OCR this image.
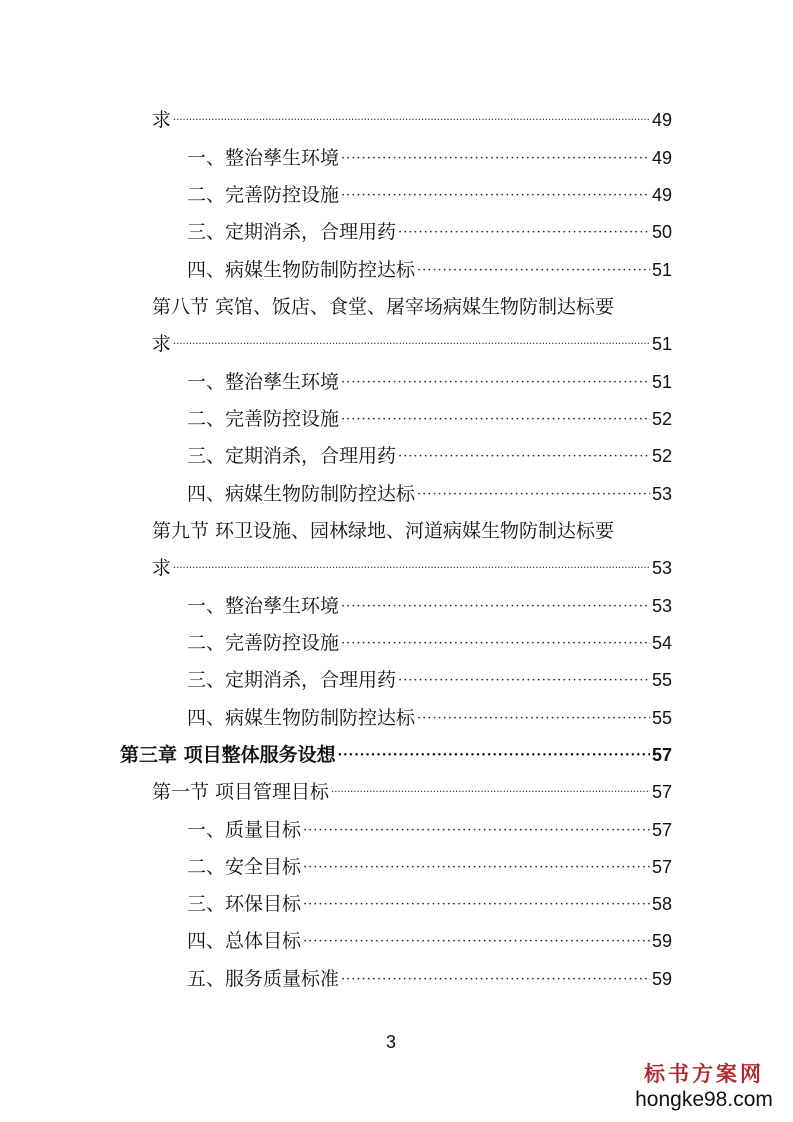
求 ·····	49
一、整治孳生环境 ·····	49
二、完善防控设施 ·····	49
三、定期消杀，合理用药 ·····	50
四、病媒生物防制防控达标 ·····	51
第八节 宾馆、饭店、食堂、屠宰场病媒生物防制达标要
求 ·····	51
一、整治孳生环境 ·····	51
二、完善防控设施 ·····	52
三、定期消杀，合理用药 ·····	52
四、病媒生物防制防控达标 ·····	53
第九节 环卫设施、园林绿地、河道病媒生物防制达标要
求 ·····	53
一、整治孳生环境 ·····	53
二、完善防控设施 ·····	54
三、定期消杀，合理用药 ·····	55
四、病媒生物防制防控达标 ·····	55
第三章 项目整体服务设想 ·····	57
第一节 项目管理目标 ·····	57
一、质量目标 ·····	57
二、安全目标 ·····	57
三、环保目标 ·····	58
四、总体目标 ·····	59
五、服务质量标准 ·····	59
3
标书方案网
hongke98.com
